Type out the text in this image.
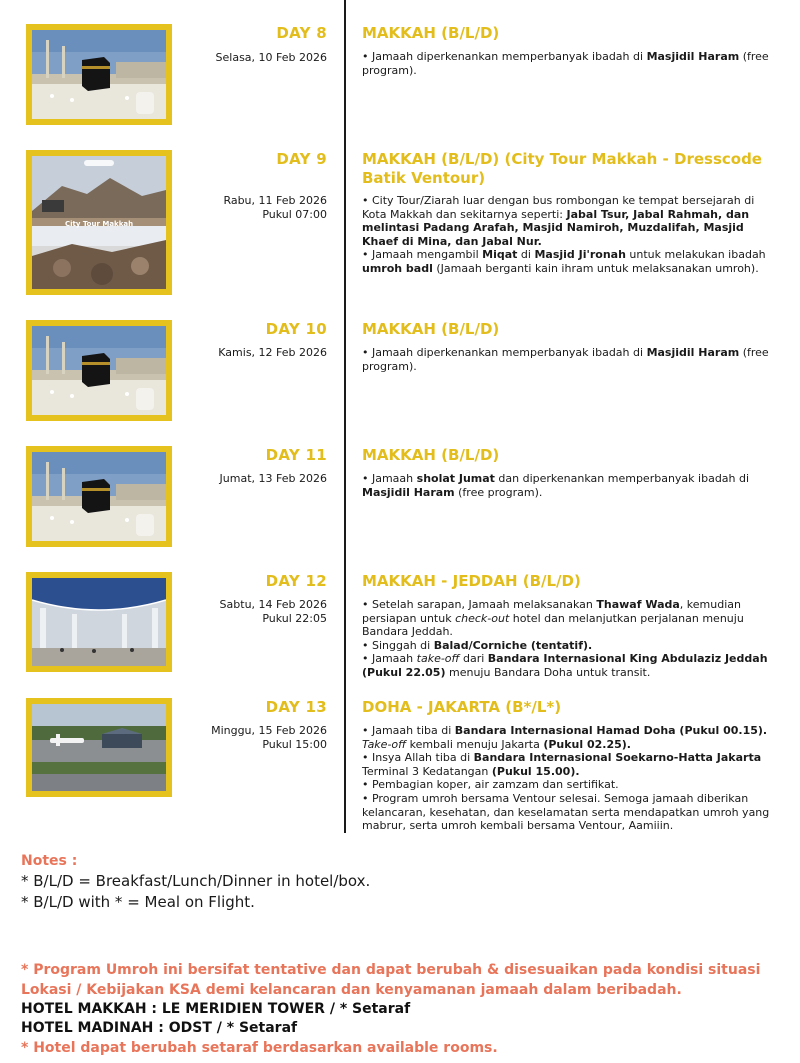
DAY 8
Selasa, 10 Feb 2026
MAKKAH (B/L/D)

• Jamaah diperkenankan memperbanyak ibadah di Masjidil Haram (free program).

City Tour Makkah
DAY 9
Rabu, 11 Feb 2026
Pukul 07:00
MAKKAH (B/L/D) (City Tour Makkah - Dresscode Batik Ventour)

• City Tour/Ziarah luar dengan bus rombongan ke tempat bersejarah di Kota Makkah dan sekitarnya seperti: Jabal Tsur, Jabal Rahmah, dan melintasi Padang Arafah, Masjid Namiroh, Muzdalifah, Masjid Khaef di Mina, dan Jabal Nur.

• Jamaah mengambil Miqat di Masjid Ji'ronah untuk melakukan ibadah umroh badl (Jamaah berganti kain ihram untuk melaksanakan umroh).

DAY 10
Kamis, 12 Feb 2026
MAKKAH (B/L/D)

• Jamaah diperkenankan memperbanyak ibadah di Masjidil Haram (free program).

DAY 11
Jumat, 13 Feb 2026
MAKKAH (B/L/D)

• Jamaah sholat Jumat dan diperkenankan memperbanyak ibadah di Masjidil Haram (free program).

DAY 12
Sabtu, 14 Feb 2026
Pukul 22:05
MAKKAH - JEDDAH (B/L/D)

• Setelah sarapan, Jamaah melaksanakan Thawaf Wada, kemudian persiapan untuk check-out hotel dan melanjutkan perjalanan menuju Bandara Jeddah.

• Singgah di Balad/Corniche (tentatif).

• Jamaah take-off dari Bandara Internasional King Abdulaziz Jeddah (Pukul 22.05) menuju Bandara Doha untuk transit.

DAY 13
Minggu, 15 Feb 2026
Pukul 15:00
DOHA - JAKARTA (B*/L*)

• Jamaah tiba di Bandara Internasional Hamad Doha (Pukul 00.15). Take-off kembali menuju Jakarta (Pukul 02.25).

• Insya Allah tiba di Bandara Internasional Soekarno-Hatta Jakarta Terminal 3 Kedatangan (Pukul 15.00).

• Pembagian koper, air zamzam dan sertifikat.

• Program umroh bersama Ventour selesai. Semoga jamaah diberikan kelancaran, kesehatan, dan keselamatan serta mendapatkan umroh yang mabrur, serta umroh kembali bersama Ventour, Aamiiin.

Notes :
* B/L/D = Breakfast/Lunch/Dinner in hotel/box.
* B/L/D with * = Meal on Flight.
* Program Umroh ini bersifat tentative dan dapat berubah & disesuaikan pada kondisi situasi Lokasi / Kebijakan KSA demi kelancaran dan kenyamanan jamaah dalam beribadah.
HOTEL MAKKAH : LE MERIDIEN TOWER / * Setaraf
HOTEL MADINAH : ODST / * Setaraf
* Hotel dapat berubah setaraf berdasarkan available rooms.
